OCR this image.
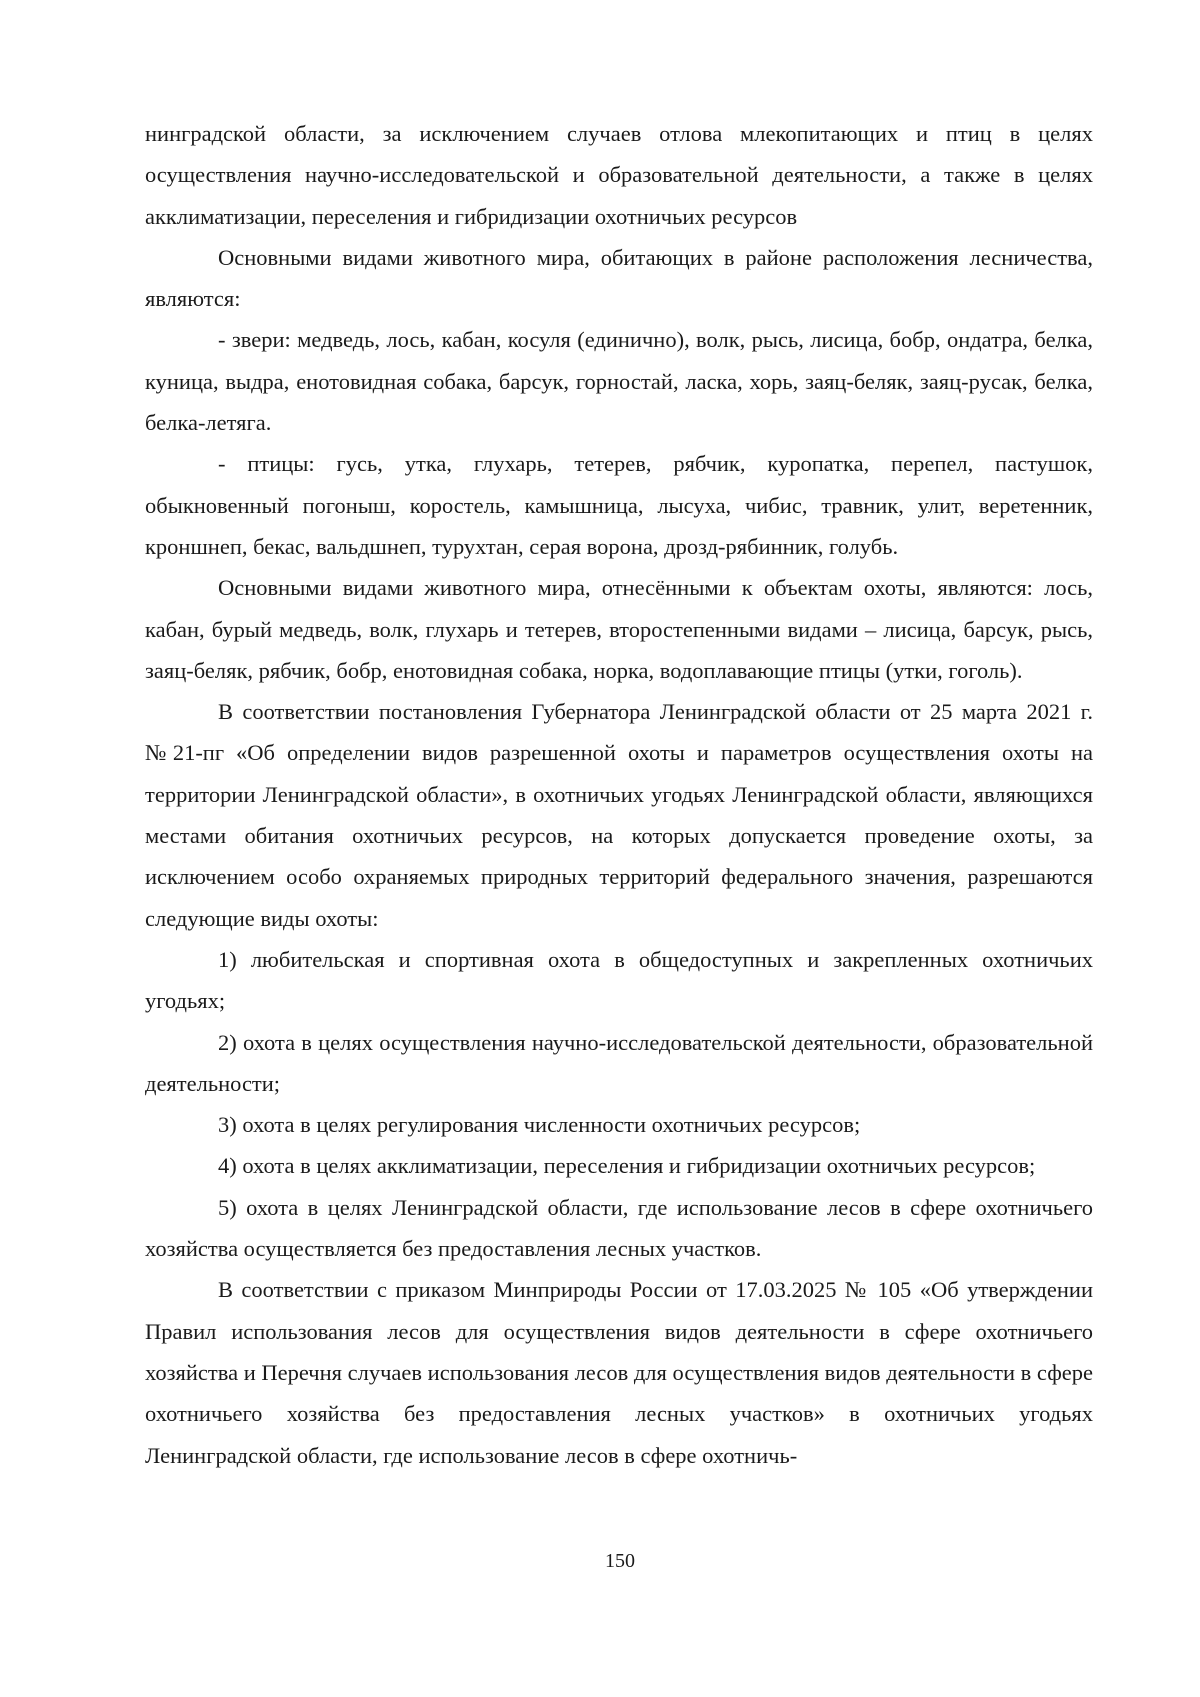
нинградской области, за исключением случаев отлова млекопитающих и птиц в целях осуществления научно-исследовательской и образовательной деятельности, а также в целях акклиматизации, переселения и гибридизации охотничьих ресурсов

Основными видами животного мира, обитающих в районе расположения лесничества, являются:

- звери: медведь, лось, кабан, косуля (единично), волк, рысь, лисица, бобр, ондатра, белка, куница, выдра, енотовидная собака, барсук, горностай, ласка, хорь, заяц-беляк, заяц-русак, белка, белка-летяга.

- птицы: гусь, утка, глухарь, тетерев, рябчик, куропатка, перепел, пастушок, обыкновенный погоныш, коростель, камышница, лысуха, чибис, травник, улит, веретенник, кроншнеп, бекас, вальдшнеп, турухтан, серая ворона, дрозд-рябинник, голубь.

Основными видами животного мира, отнесёнными к объектам охоты, являются: лось, кабан, бурый медведь, волк, глухарь и тетерев, второстепенными видами – лисица, барсук, рысь, заяц-беляк, рябчик, бобр, енотовидная собака, норка, водоплавающие птицы (утки, гоголь).

В соответствии постановления Губернатора Ленинградской области от 25 марта 2021 г. №21-пг «Об определении видов разрешенной охоты и параметров осуществления охоты на территории Ленинградской области», в охотничьих угодьях Ленинградской области, являющихся местами обитания охотничьих ресурсов, на которых допускается проведение охоты, за исключением особо охраняемых природных территорий федерального значения, разрешаются следующие виды охоты:

1) любительская и спортивная охота в общедоступных и закрепленных охотничьих угодьях;

2) охота в целях осуществления научно-исследовательской деятельности, образовательной деятельности;

3) охота в целях регулирования численности охотничьих ресурсов;

4) охота в целях акклиматизации, переселения и гибридизации охотничьих ресурсов;

5) охота в целях Ленинградской области, где использование лесов в сфере охотничьего хозяйства осуществляется без предоставления лесных участков.

В соответствии с приказом Минприроды России от 17.03.2025 № 105 «Об утверждении Правил использования лесов для осуществления видов деятельности в сфере охотничьего хозяйства и Перечня случаев использования лесов для осуществления видов деятельности в сфере охотничьего хозяйства без предоставления лесных участков» в охотничьих угодьях Ленинградской области, где использование лесов в сфере охотничь-

150
